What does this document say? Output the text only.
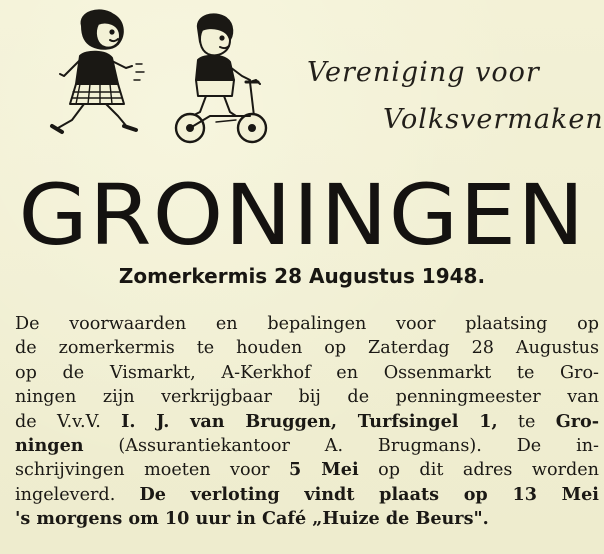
Vereniging voor
Volksvermaken
GRONINGEN
Zomerkermis 28 Augustus 1948.
De voorwaarden en bepalingen voor plaatsing op
de zomerkermis te houden op Zaterdag 28 Augustus
op de Vismarkt, A-Kerkhof en Ossenmarkt te Gro-
ningen zijn verkrijgbaar bij de penningmeester van
de V.v.V. I. J. van Bruggen, Turfsingel 1, te Gro-
ningen (Assurantiekantoor A. Brugmans). De in-
schrijvingen moeten voor 5 Mei op dit adres worden
ingeleverd. De verloting vindt plaats op 13 Mei
's morgens om 10 uur in Café „Huize de Beurs".
